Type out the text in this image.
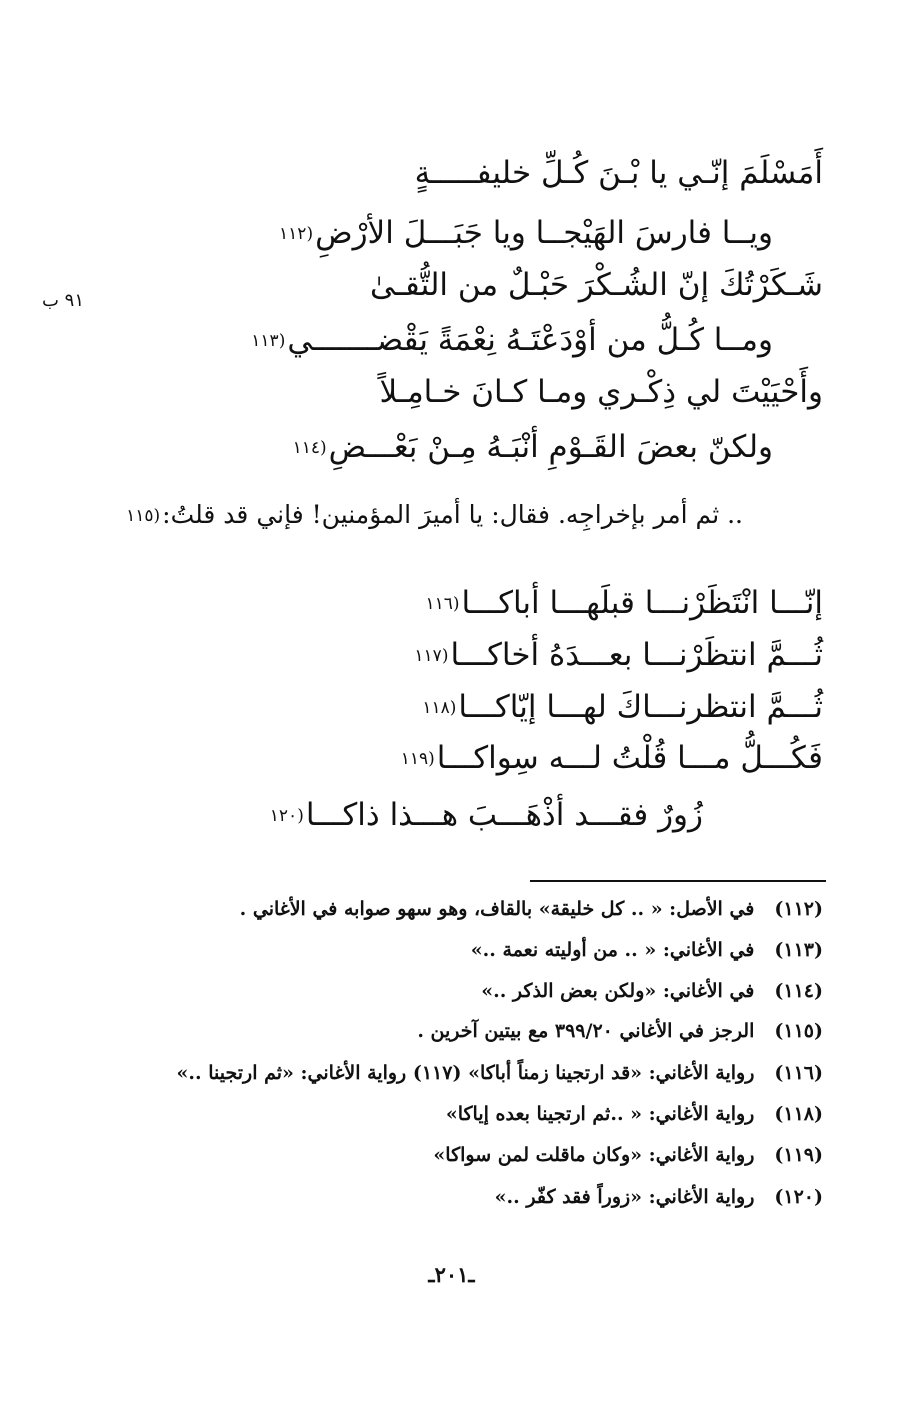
٩١ ب
أَمَسْلَمَ إنّـي يا بْـنَ كُـلِّ خليفـــــةٍ
ويــا فارسَ الهَيْجــا ويا جَبَـــلَ الأرْضِ(١١٢
شَـكَرْتُكَ إنّ الشُـكْرَ حَبْـلٌ من التُّقـىٰ
ومــا كُـلُّ من أوْدَعْتَـهُ نِعْمَةً يَقْضـــــــي(١١٣
وأَحْيَيْتَ لي ذِكْـري ومـا كـانَ خـامِـلاً
ولكنّ بعضَ القَـوْمِ أنْبَـهُ مِـنْ بَعْـــضِ(١١٤
.. ثم أمر بإخراجِه. فقال: يا أميرَ المؤمنين! فإني قد قلتُ:(١١٥
إنّـــا انْتَظَرْنـــا قبلَهـــا أباكـــا(١١٦
ثُـــمَّ انتظَرْنـــا بعـــدَهُ أخاكـــا(١١٧
ثُـــمَّ انتظرنـــاكَ لهـــا إيّاكـــا(١١٨
فَكُـــلُّ مـــا قُلْتُ لـــه سِواكـــا(١١٩
زُورٌ فقـــد أذْهَـــبَ هـــذا ذاكـــا(١٢٠
(١١٢) في الأصل: « .. كل خليقة» بالقاف، وهو سهو صوابه في الأغاني .
(١١٣) في الأغاني: « .. من أوليته نعمة ..»
(١١٤) في الأغاني: «ولكن بعض الذكر ..»
(١١٥) الرجز في الأغاني ٣٩٩/٢٠ مع بيتين آخرين .
(١١٦) رواية الأغاني: «قد ارتجينا زمناً أباكا» (١١٧) رواية الأغاني: «ثم ارتجينا ..»
(١١٨) رواية الأغاني: « ..ثم ارتجينا بعده إياكا»
(١١٩) رواية الأغاني: «وكان ماقلت لمن سواكا»
(١٢٠) رواية الأغاني: «زوراً فقد كفّر ..»
ـ٢٠١ـ
